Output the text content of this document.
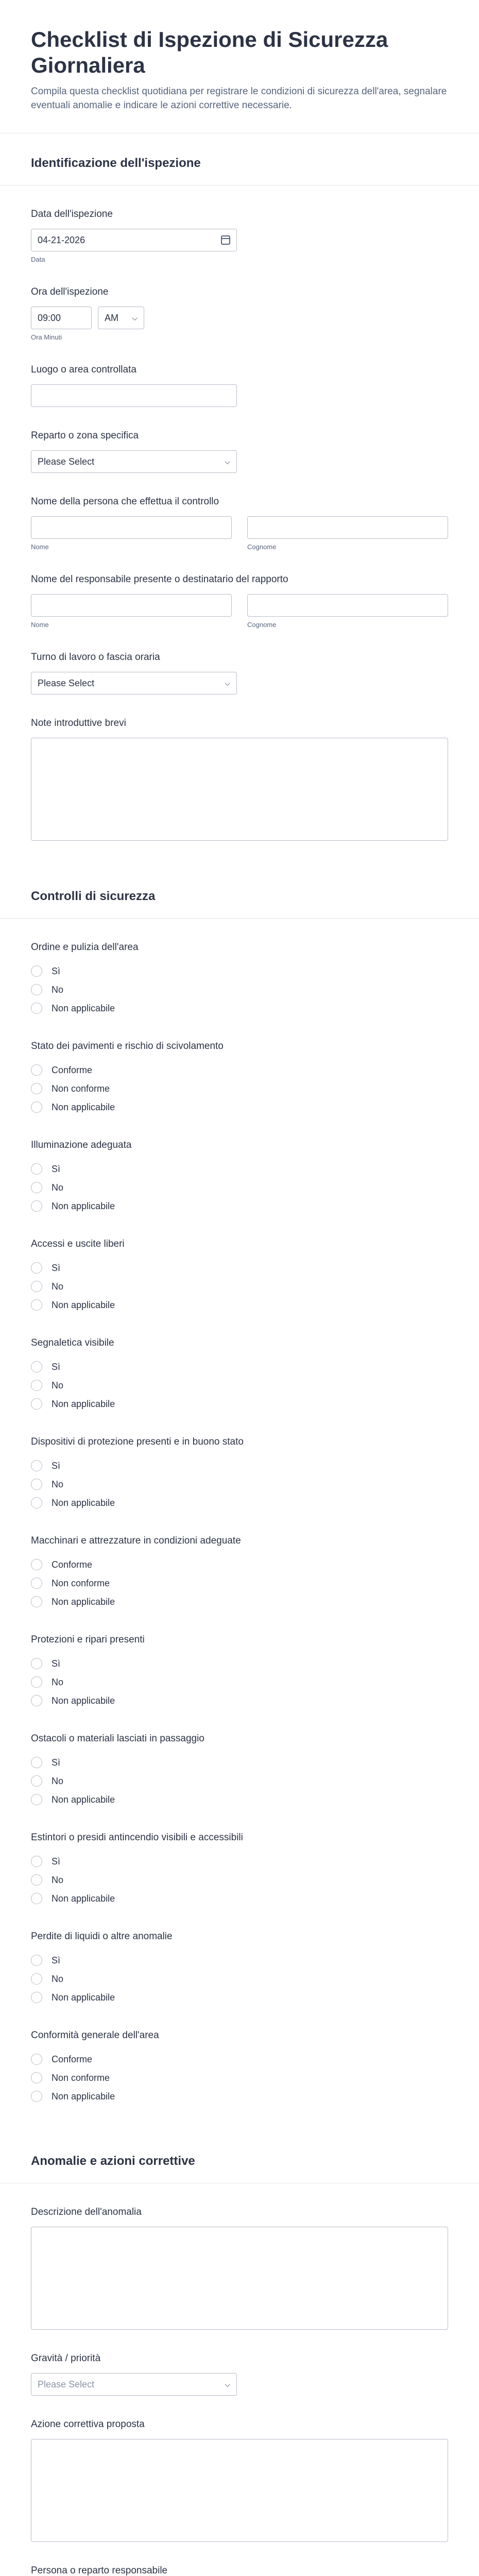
Checklist di Ispezione di Sicurezza Giornaliera

Compila questa checklist quotidiana per registrare le condizioni di sicurezza dell'area, segnalare eventuali anomalie e indicare le azioni correttive necessarie.

Identificazione dell'ispezione
Data dell'ispezione
04-21-2026
Data
Ora dell'ispezione
09:00	AM ⌵
Ora Minuti
Luogo o area controllata
Reparto o zona specifica
Please Select	⌵
Nome della persona che effettua il controllo
Nome	Cognome
Nome del responsabile presente o destinatario del rapporto
Nome	Cognome
Turno di lavoro o fascia oraria
Please Select	⌵
Note introduttive brevi
Controlli di sicurezza
Ordine e pulizia dell'area
Sì
No
Non applicabile
Stato dei pavimenti e rischio di scivolamento
Conforme
Non conforme
Non applicabile
Illuminazione adeguata
Sì
No
Non applicabile
Accessi e uscite liberi
Sì
No
Non applicabile
Segnaletica visibile
Sì
No
Non applicabile
Dispositivi di protezione presenti e in buono stato
Sì
No
Non applicabile
Macchinari e attrezzature in condizioni adeguate
Conforme
Non conforme
Non applicabile
Protezioni e ripari presenti
Sì
No
Non applicabile
Ostacoli o materiali lasciati in passaggio
Sì
No
Non applicabile
Estintori o presidi antincendio visibili e accessibili
Sì
No
Non applicabile
Perdite di liquidi o altre anomalie
Sì
No
Non applicabile
Conformità generale dell'area
Conforme
Non conforme
Non applicabile
Anomalie e azioni correttive
Descrizione dell'anomalia
Gravità / priorità
Please Select	⌵
Azione correttiva proposta
Persona o reparto responsabile
